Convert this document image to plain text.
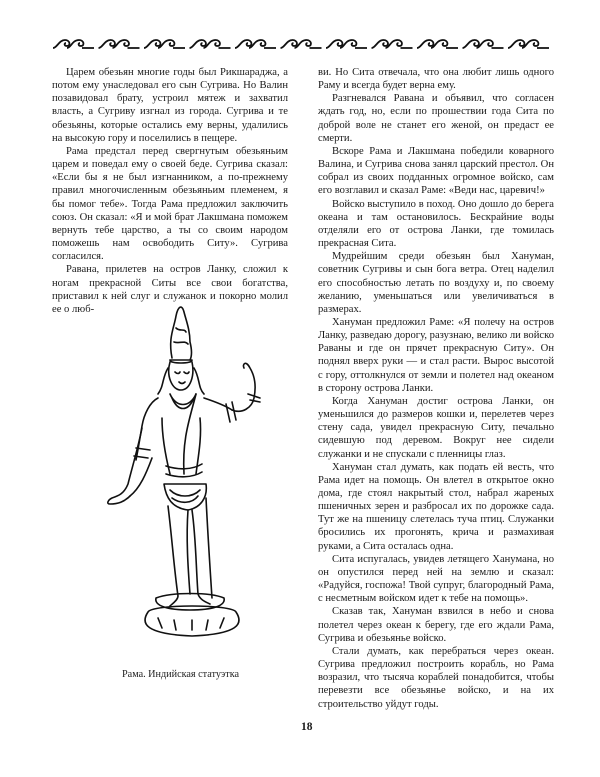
Царем обезьян многие годы был Рикшараджа, а потом ему унаследовал его сын Сугрива. Но Валин позавидовал брату, устроил мятеж и захватил власть, а Сугриву изгнал из города. Сугрива и те обезьяны, которые остались ему верны, удалились на высокую гору и поселились в пещере.

Рама предстал перед свергнутым обезьяньим царем и поведал ему о своей беде. Сугрива сказал: «Если бы я не был изгнанником, а по-прежнему правил многочисленным обезьяньим племенем, я бы помог тебе». Тогда Рама предложил заключить союз. Он сказал: «Я и мой брат Лакшмана поможем вернуть тебе царство, а ты со своим народом поможешь нам освободить Ситу». Сугрива согласился.

Равана, прилетев на остров Ланку, сложил к ногам прекрасной Ситы все свои богатства, приставил к ней слуг и служанок и покорно молил ее о люб-

Рама. Индийская статуэтка

ви. Но Сита отвечала, что она любит лишь одного Раму и всегда будет верна ему.

Разгневался Равана и объявил, что согласен ждать год, но, если по прошествии года Сита по доброй воле не станет его женой, он предаст ее смерти.

Вскоре Рама и Лакшмана победили коварного Валина, и Сугрива снова занял царский престол. Он собрал из своих подданных огромное войско, сам его возглавил и сказал Раме: «Веди нас, царевич!»

Войско выступило в поход. Оно дошло до берега океана и там остановилось. Бескрайние воды отделяли его от острова Ланки, где томилась прекрасная Сита.

Мудрейшим среди обезьян был Хануман, советник Сугривы и сын бога ветра. Отец наделил его способностью летать по воздуху и, по своему желанию, уменьшаться или увеличиваться в размерах.

Хануман предложил Раме: «Я полечу на остров Ланку, разведаю дорогу, разузнаю, велико ли войско Раваны и где он прячет прекрасную Ситу». Он поднял вверх руки — и стал расти. Вырос высотой с гору, оттолкнулся от земли и полетел над океаном в сторону острова Ланки.

Когда Хануман достиг острова Ланки, он уменьшился до размеров кошки и, перелетев через стену сада, увидел прекрасную Ситу, печально сидевшую под деревом. Вокруг нее сидели служанки и не спускали с пленницы глаз.

Хануман стал думать, как подать ей весть, что Рама идет на помощь. Он влетел в открытое окно дома, где стоял накрытый стол, набрал жареных пшеничных зерен и разбросал их по дорожке сада. Тут же на пшеницу слетелась туча птиц. Служанки бросились их прогонять, крича и размахивая руками, а Сита осталась одна.

Сита испугалась, увидев летящего Ханумана, но он опустился перед ней на землю и сказал: «Радуйся, госпожа! Твой супруг, благородный Рама, с несметным войском идет к тебе на помощь».

Сказав так, Хануман взвился в небо и снова полетел через океан к берегу, где его ждали Рама, Сугрива и обезьянье войско.

Стали думать, как перебраться через океан. Сугрива предложил построить корабль, но Рама возразил, что тысяча кораблей понадобится, чтобы перевезти все обезьянье войско, и на их строительство уйдут годы.

18
